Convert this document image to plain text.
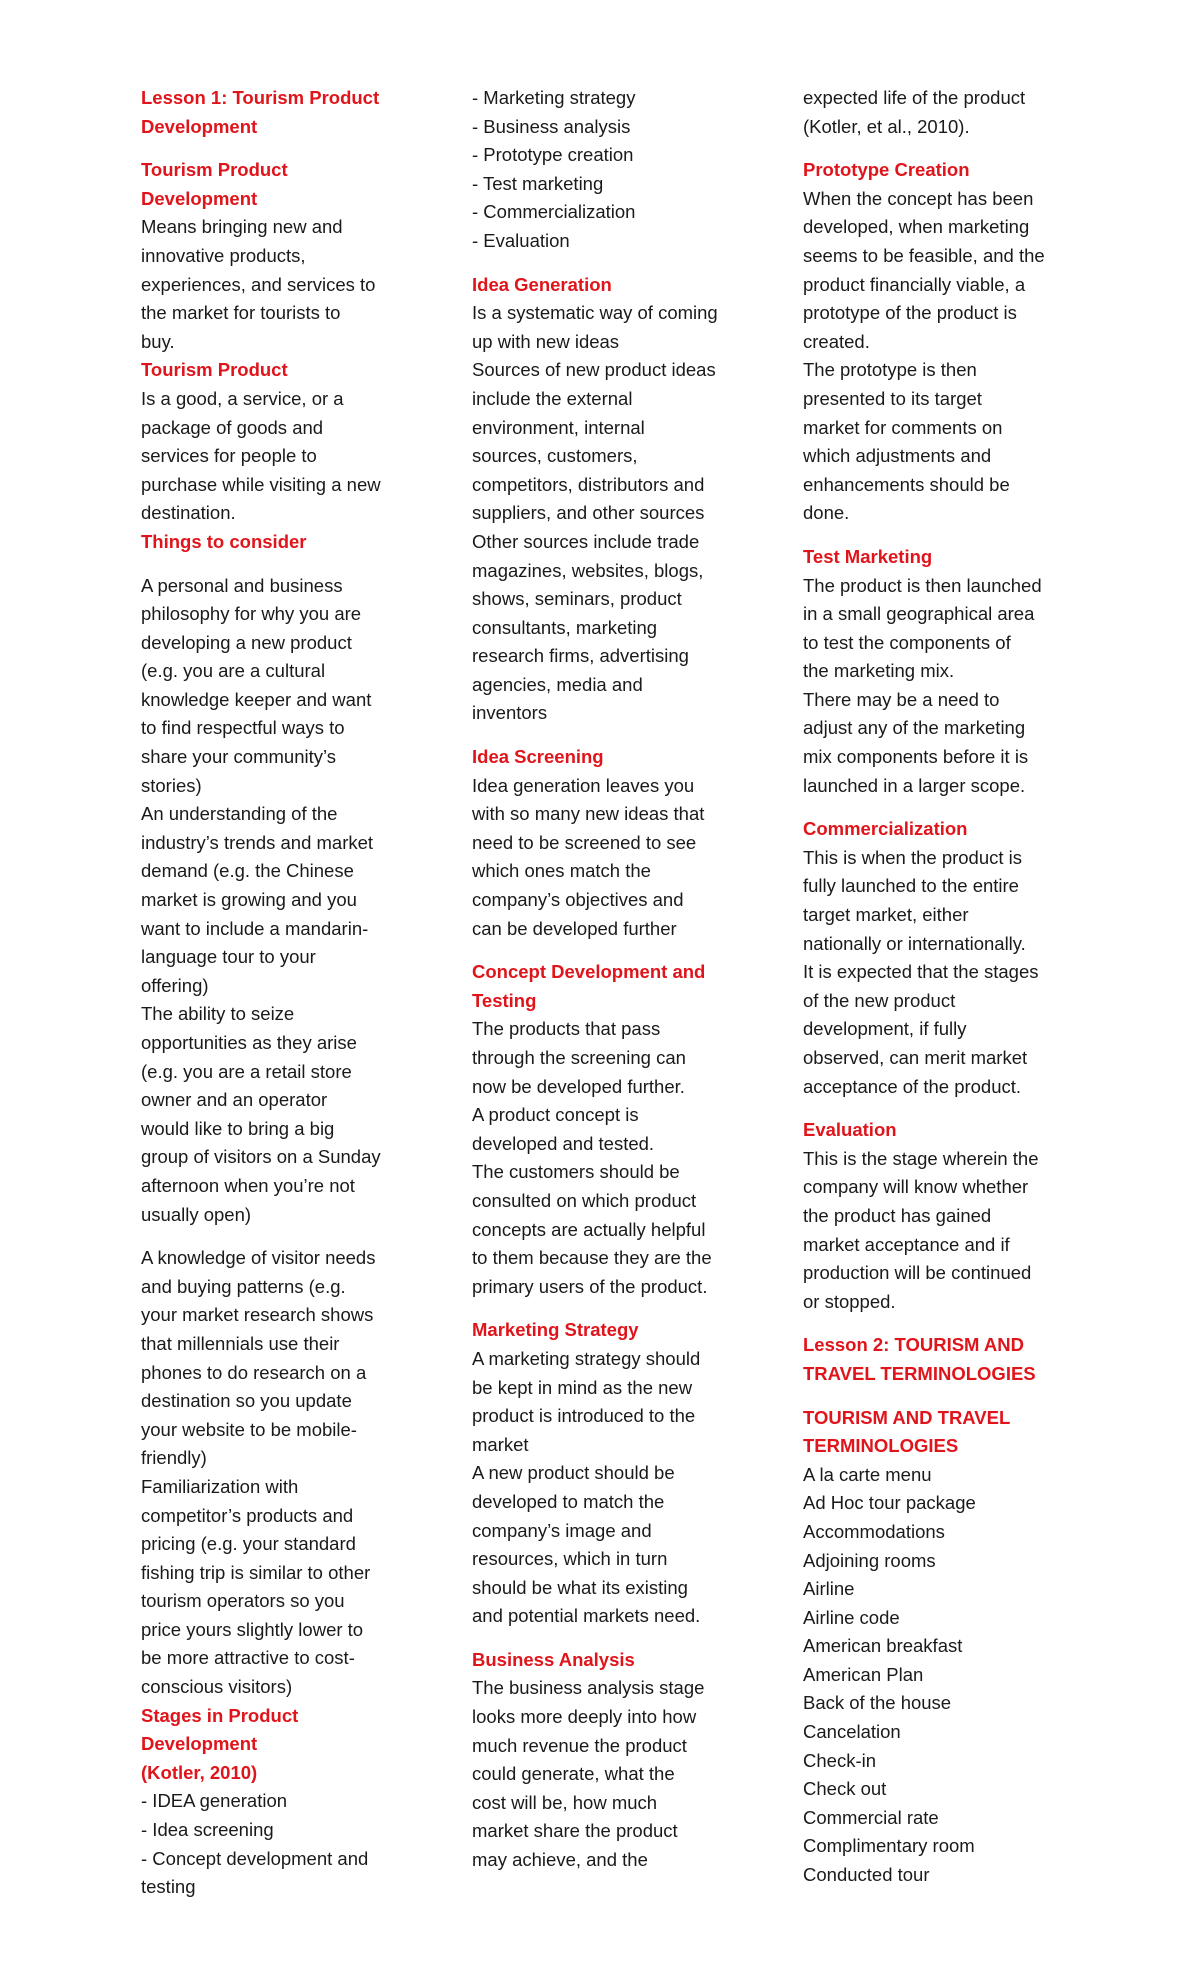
Lesson 1: Tourism Product
Development
Tourism Product
Development
Means bringing new and
innovative products,
experiences, and services to
the market for tourists to
buy.
Tourism Product
Is a good, a service, or a
package of goods and
services for people to
purchase while visiting a new
destination.
Things to consider
A personal and business
philosophy for why you are
developing a new product
(e.g. you are a cultural
knowledge keeper and want
to find respectful ways to
share your community’s
stories)
An understanding of the
industry’s trends and market
demand (e.g. the Chinese
market is growing and you
want to include a mandarin-
language tour to your
offering)
The ability to seize
opportunities as they arise
(e.g. you are a retail store
owner and an operator
would like to bring a big
group of visitors on a Sunday
afternoon when you’re not
usually open)
A knowledge of visitor needs
and buying patterns (e.g.
your market research shows
that millennials use their
phones to do research on a
destination so you update
your website to be mobile-
friendly)
Familiarization with
competitor’s products and
pricing (e.g. your standard
fishing trip is similar to other
tourism operators so you
price yours slightly lower to
be more attractive to cost-
conscious visitors)
Stages in Product
Development
(Kotler, 2010)
- IDEA generation
- Idea screening
- Concept development and
testing
- Marketing strategy
- Business analysis
- Prototype creation
- Test marketing
- Commercialization
- Evaluation
Idea Generation
Is a systematic way of coming
up with new ideas
Sources of new product ideas
include the external
environment, internal
sources, customers,
competitors, distributors and
suppliers, and other sources
Other sources include trade
magazines, websites, blogs,
shows, seminars, product
consultants, marketing
research firms, advertising
agencies, media and
inventors
Idea Screening
Idea generation leaves you
with so many new ideas that
need to be screened to see
which ones match the
company’s objectives and
can be developed further
Concept Development and
Testing
The products that pass
through the screening can
now be developed further.
A product concept is
developed and tested.
The customers should be
consulted on which product
concepts are actually helpful
to them because they are the
primary users of the product.
Marketing Strategy
A marketing strategy should
be kept in mind as the new
product is introduced to the
market
A new product should be
developed to match the
company’s image and
resources, which in turn
should be what its existing
and potential markets need.
Business Analysis
The business analysis stage
looks more deeply into how
much revenue the product
could generate, what the
cost will be, how much
market share the product
may achieve, and the
expected life of the product
(Kotler, et al., 2010).
Prototype Creation
When the concept has been
developed, when marketing
seems to be feasible, and the
product financially viable, a
prototype of the product is
created.
The prototype is then
presented to its target
market for comments on
which adjustments and
enhancements should be
done.
Test Marketing
The product is then launched
in a small geographical area
to test the components of
the marketing mix.
There may be a need to
adjust any of the marketing
mix components before it is
launched in a larger scope.
Commercialization
This is when the product is
fully launched to the entire
target market, either
nationally or internationally.
It is expected that the stages
of the new product
development, if fully
observed, can merit market
acceptance of the product.
Evaluation
This is the stage wherein the
company will know whether
the product has gained
market acceptance and if
production will be continued
or stopped.
Lesson 2: TOURISM AND
TRAVEL TERMINOLOGIES
TOURISM AND TRAVEL
TERMINOLOGIES
A la carte menu
Ad Hoc tour package
Accommodations
Adjoining rooms
Airline
Airline code
American breakfast
American Plan
Back of the house
Cancelation
Check-in
Check out
Commercial rate
Complimentary room
Conducted tour
